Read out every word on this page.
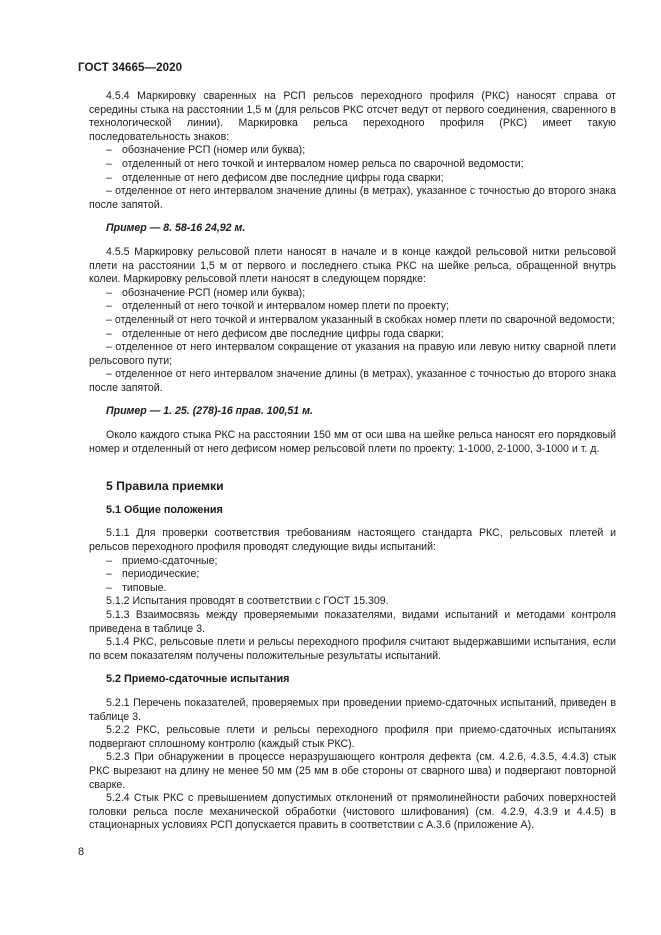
ГОСТ 34665—2020

4.5.4 Маркировку сваренных на РСП рельсов переходного профиля (РКС) наносят справа от середины стыка на расстоянии 1,5 м (для рельсов РКС отсчет ведут от первого соединения, сваренного в технологической линии). Маркировка рельса переходного профиля (РКС) имеет такую последовательность знаков:

– обозначение РСП (номер или буква);
– отделенный от него точкой и интервалом номер рельса по сварочной ведомости;
– отделенные от него дефисом две последние цифры года сварки;
– отделенное от него интервалом значение длины (в метрах), указанное с точностью до второго знака после запятой.
Пример — 8. 58-16 24,92 м.

4.5.5 Маркировку рельсовой плети наносят в начале и в конце каждой рельсовой нитки рельсовой плети на расстоянии 1,5 м от первого и последнего стыка РКС на шейке рельса, обращенной внутрь колеи. Маркировку рельсовой плети наносят в следующем порядке:

– обозначение РСП (номер или буква);
– отделенный от него точкой и интервалом номер плети по проекту;
– отделенный от него точкой и интервалом указанный в скобках номер плети по сварочной ведомости;
– отделенные от него дефисом две последние цифры года сварки;
– отделенное от него интервалом сокращение от указания на правую или левую нитку сварной плети рельсового пути;
– отделенное от него интервалом значение длины (в метрах), указанное с точностью до второго знака после запятой.
Пример — 1. 25. (278)-16 прав. 100,51 м.

Около каждого стыка РКС на расстоянии 150 мм от оси шва на шейке рельса наносят его порядковый номер и отделенный от него дефисом номер рельсовой плети по проекту: 1-1000, 2-1000, 3-1000 и т. д.

5 Правила приемки
5.1 Общие положения

5.1.1 Для проверки соответствия требованиям настоящего стандарта РКС, рельсовых плетей и рельсов переходного профиля проводят следующие виды испытаний:

– приемо-сдаточные;
– периодические;
– типовые.

5.1.2 Испытания проводят в соответствии с ГОСТ 15.309.

5.1.3 Взаимосвязь между проверяемыми показателями, видами испытаний и методами контроля приведена в таблице 3.

5.1.4 РКС, рельсовые плети и рельсы переходного профиля считают выдержавшими испытания, если по всем показателям получены положительные результаты испытаний.

5.2 Приемо-сдаточные испытания

5.2.1 Перечень показателей, проверяемых при проведении приемо-сдаточных испытаний, приведен в таблице 3.

5.2.2 РКС, рельсовые плети и рельсы переходного профиля при приемо-сдаточных испытаниях подвергают сплошному контролю (каждый стык РКС).

5.2.3 При обнаружении в процессе неразрушающего контроля дефекта (см. 4.2.6, 4.3.5, 4.4.3) стык РКС вырезают на длину не менее 50 мм (25 мм в обе стороны от сварного шва) и подвергают повторной сварке.

5.2.4 Стык РКС с превышением допустимых отклонений от прямолинейности рабочих поверхностей головки рельса после механической обработки (чистового шлифования) (см. 4.2.9, 4.3.9 и 4.4.5) в стационарных условиях РСП допускается править в соответствии с А.3.6 (приложение А).

8
